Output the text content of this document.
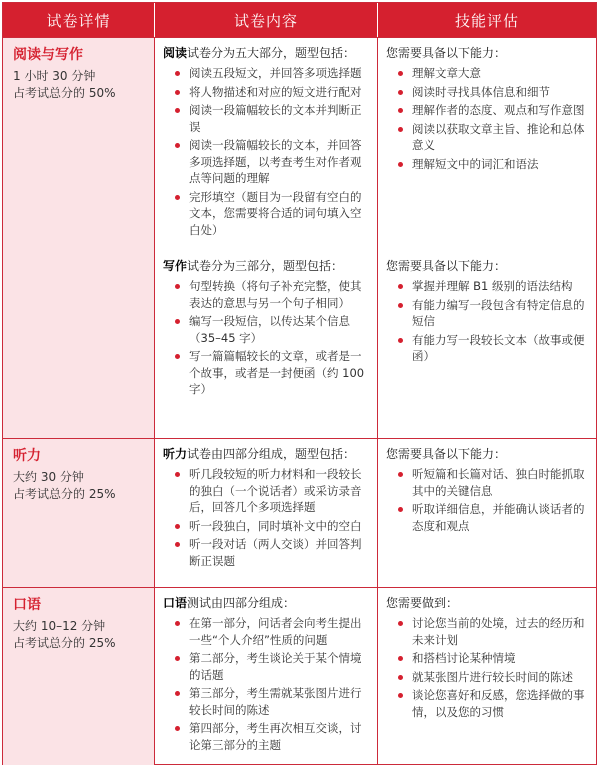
试卷详情	试卷内容	技能评估
阅读与写作
1 小时 30 分钟
占考试总分的 50%
阅读试卷分为五大部分，题型包括：
阅读五段短文，并回答多项选择题
将人物描述和对应的短文进行配对
阅读一段篇幅较长的文本并判断正误
阅读一段篇幅较长的文本，并回答多项选择题，以考查考生对作者观点等问题的理解
完形填空（题目为一段留有空白的文本，您需要将合适的词句填入空白处）
写作试卷分为三部分，题型包括：
句型转换（将句子补充完整，使其表达的意思与另一个句子相同）
编写一段短信，以传达某个信息（35–45 字）
写一篇篇幅较长的文章，或者是一个故事，或者是一封便函（约 100 字）
您需要具备以下能力：
理解文章大意
阅读时寻找具体信息和细节
理解作者的态度、观点和写作意图
阅读以获取文章主旨、推论和总体意义
理解短文中的词汇和语法
您需要具备以下能力：
掌握并理解 B1 级别的语法结构
有能力编写一段包含有特定信息的短信
有能力写一段较长文本（故事或便函）
听力
大约 30 分钟
占考试总分的 25%
听力试卷由四部分组成，题型包括：
听几段较短的听力材料和一段较长的独白（一个说话者）或采访录音后，回答几个多项选择题
听一段独白，同时填补文中的空白
听一段对话（两人交谈）并回答判断正误题
您需要具备以下能力：
听短篇和长篇对话、独白时能抓取其中的关键信息
听取详细信息，并能确认谈话者的态度和观点
口语
大约 10–12 分钟
占考试总分的 25%
口语测试由四部分组成：
在第一部分，问话者会向考生提出一些“个人介绍”性质的问题
第二部分，考生谈论关于某个情境的话题
第三部分，考生需就某张图片进行较长时间的陈述
第四部分，考生再次相互交谈，讨论第三部分的主题
您需要做到：
讨论您当前的处境，过去的经历和未来计划
和搭档讨论某种情境
就某张图片进行较长时间的陈述
谈论您喜好和反感，您选择做的事情，以及您的习惯
